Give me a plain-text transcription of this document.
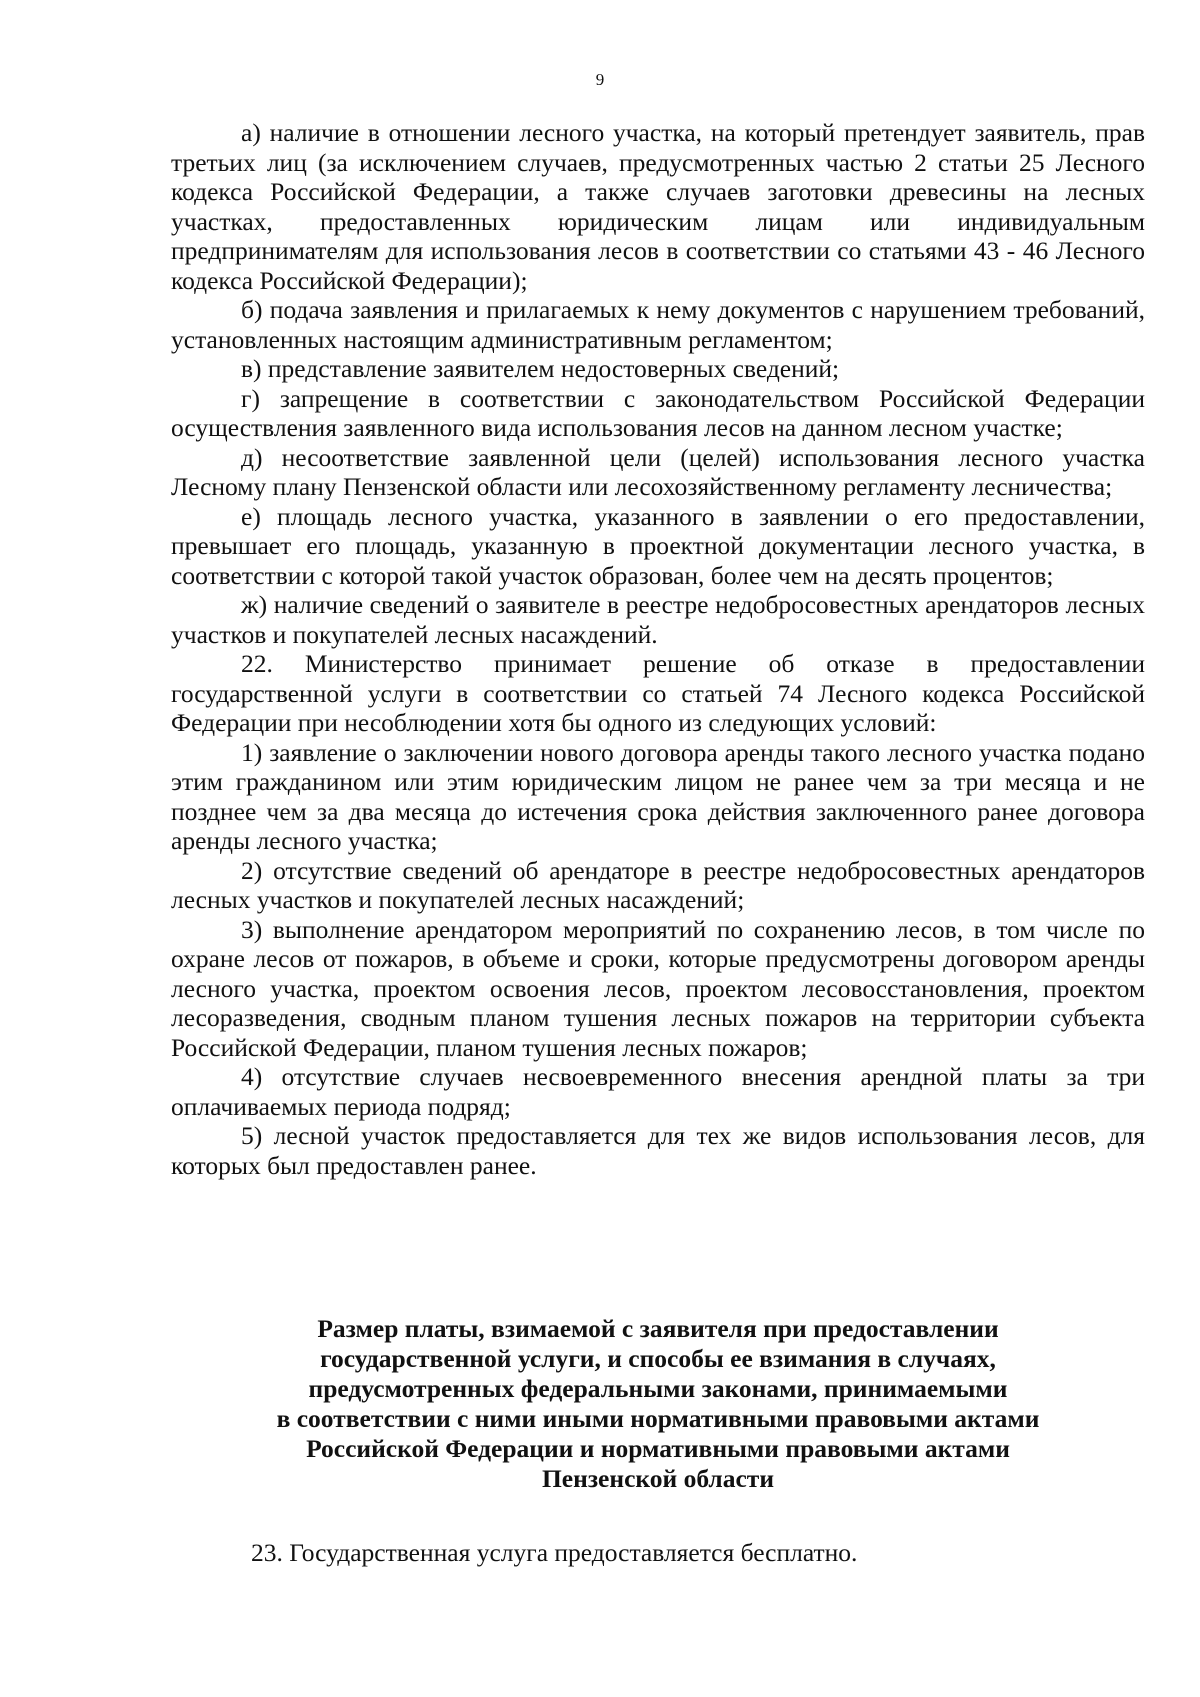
9

а) наличие в отношении лесного участка, на который претендует заявитель, прав третьих лиц (за исключением случаев, предусмотренных частью 2 статьи 25 Лесного кодекса Российской Федерации, а также случаев заготовки древесины на лесных участках, предоставленных юридическим лицам или индивидуальным предпринимателям для использования лесов в соответствии со статьями 43 - 46 Лесного кодекса Российской Федерации);

б) подача заявления и прилагаемых к нему документов с нарушением требований, установленных настоящим административным регламентом;

в) представление заявителем недостоверных сведений;

г) запрещение в соответствии с законодательством Российской Федерации осуществления заявленного вида использования лесов на данном лесном участке;

д) несоответствие заявленной цели (целей) использования лесного участка Лесному плану Пензенской области или лесохозяйственному регламенту лесничества;

е) площадь лесного участка, указанного в заявлении о его предоставлении, превышает его площадь, указанную в проектной документации лесного участка, в соответствии с которой такой участок образован, более чем на десять процентов;

ж) наличие сведений о заявителе в реестре недобросовестных арендаторов лесных участков и покупателей лесных насаждений.

22. Министерство принимает решение об отказе в предоставлении государственной услуги в соответствии со статьей 74 Лесного кодекса Российской Федерации при несоблюдении хотя бы одного из следующих условий:

1) заявление о заключении нового договора аренды такого лесного участка подано этим гражданином или этим юридическим лицом не ранее чем за три месяца и не позднее чем за два месяца до истечения срока действия заключенного ранее договора аренды лесного участка;

2) отсутствие сведений об арендаторе в реестре недобросовестных арендаторов лесных участков и покупателей лесных насаждений;

3) выполнение арендатором мероприятий по сохранению лесов, в том числе по охране лесов от пожаров, в объеме и сроки, которые предусмотрены договором аренды лесного участка, проектом освоения лесов, проектом лесовосстановления, проектом лесоразведения, сводным планом тушения лесных пожаров на территории субъекта Российской Федерации, планом тушения лесных пожаров;

4) отсутствие случаев несвоевременного внесения арендной платы за три оплачиваемых периода подряд;

5) лесной участок предоставляется для тех же видов использования лесов, для которых был предоставлен ранее.

Размер платы, взимаемой с заявителя при предоставлении
государственной услуги, и способы ее взимания в случаях,
предусмотренных федеральными законами, принимаемыми
в соответствии с ними иными нормативными правовыми актами
Российской Федерации и нормативными правовыми актами
Пензенской области

23. Государственная услуга предоставляется бесплатно.
